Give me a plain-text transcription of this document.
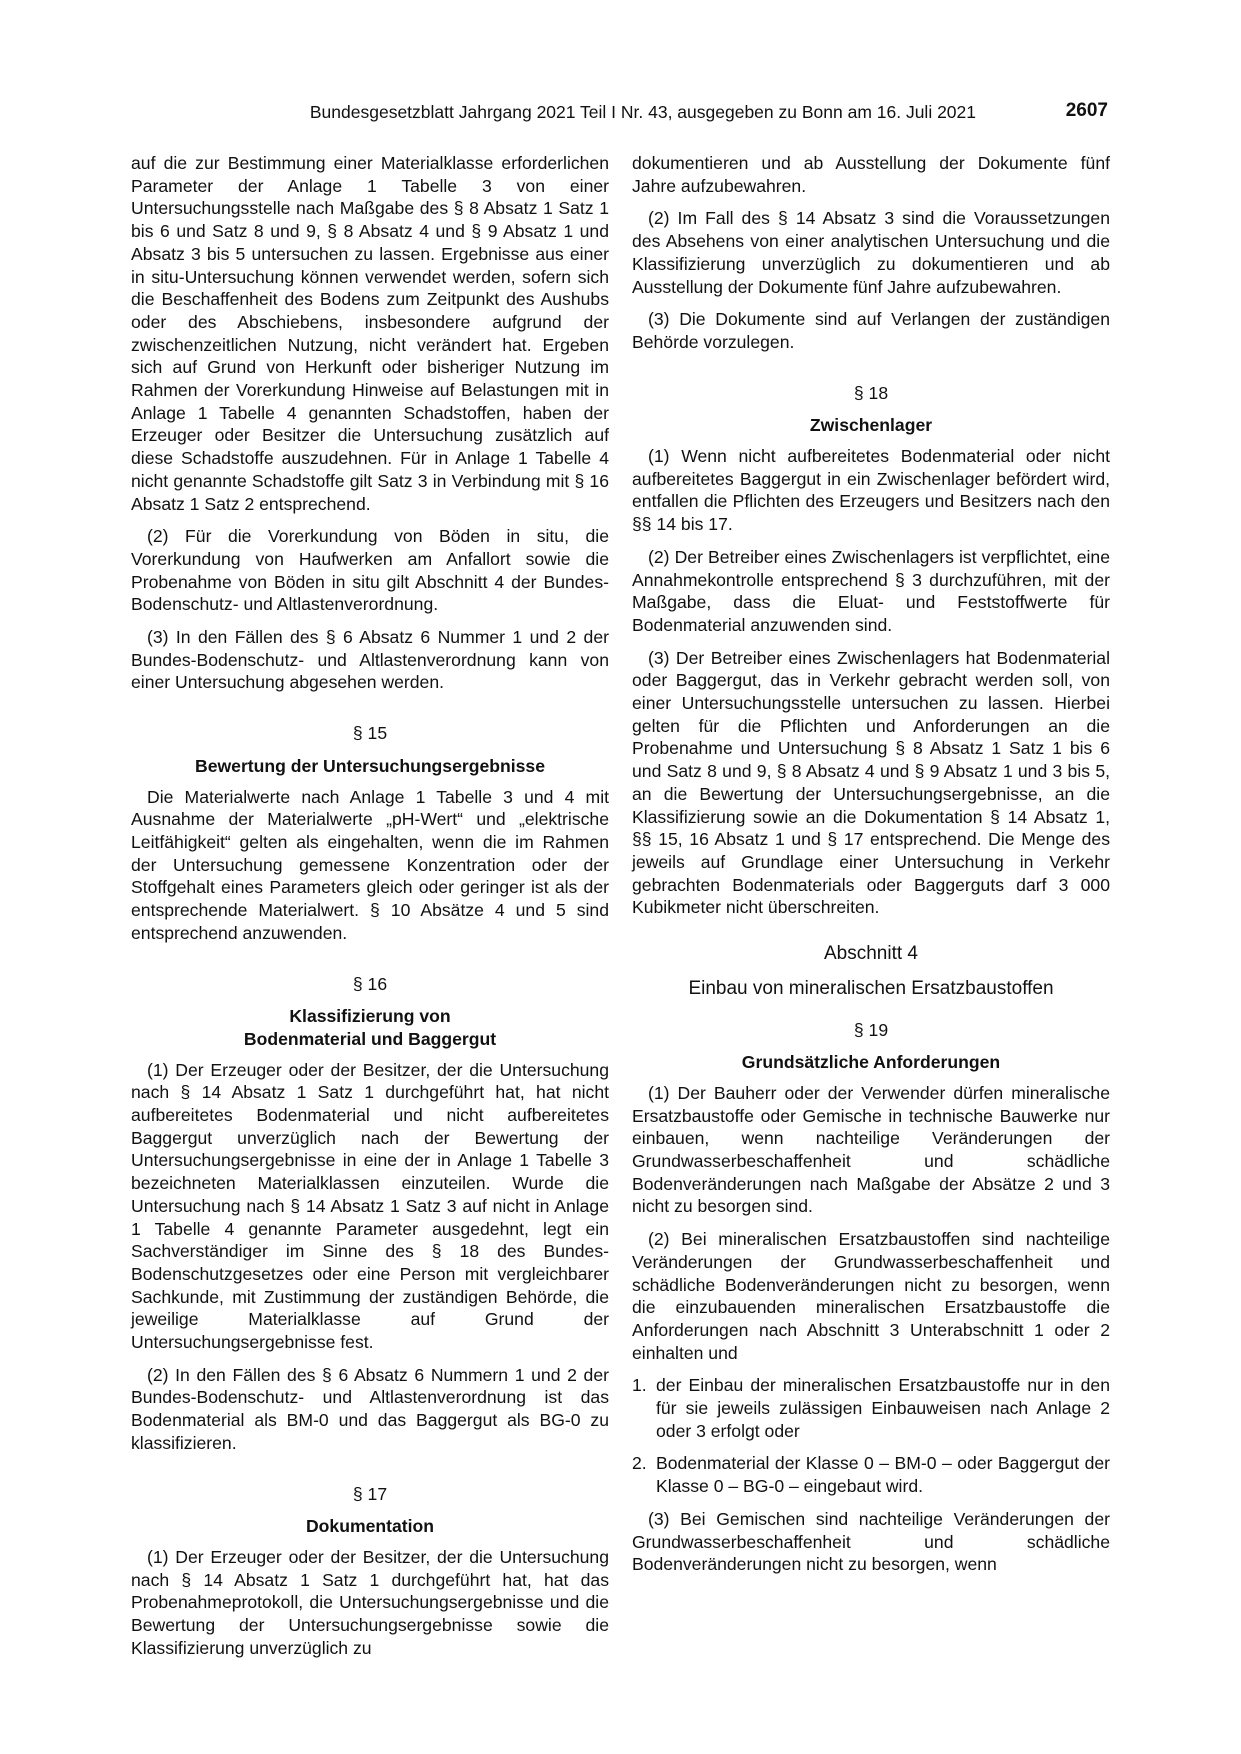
Bundesgesetzblatt Jahrgang 2021 Teil I Nr. 43, ausgegeben zu Bonn am 16. Juli 2021	2607

auf die zur Bestimmung einer Materialklasse erforderlichen Parameter der Anlage 1 Tabelle 3 von einer Untersuchungsstelle nach Maßgabe des § 8 Absatz 1 Satz 1 bis 6 und Satz 8 und 9, § 8 Absatz 4 und § 9 Absatz 1 und Absatz 3 bis 5 untersuchen zu lassen. Ergebnisse aus einer in situ-Untersuchung können verwendet werden, sofern sich die Beschaffenheit des Bodens zum Zeitpunkt des Aushubs oder des Abschiebens, insbesondere aufgrund der zwischenzeitlichen Nutzung, nicht verändert hat. Ergeben sich auf Grund von Herkunft oder bisheriger Nutzung im Rahmen der Vorerkundung Hinweise auf Belastungen mit in Anlage 1 Tabelle 4 genannten Schadstoffen, haben der Erzeuger oder Besitzer die Untersuchung zusätzlich auf diese Schadstoffe auszudehnen. Für in Anlage 1 Tabelle 4 nicht genannte Schadstoffe gilt Satz 3 in Verbindung mit § 16 Absatz 1 Satz 2 entsprechend.

(2) Für die Vorerkundung von Böden in situ, die Vorerkundung von Haufwerken am Anfallort sowie die Probenahme von Böden in situ gilt Abschnitt 4 der Bundes-Bodenschutz- und Altlastenverordnung.

(3) In den Fällen des § 6 Absatz 6 Nummer 1 und 2 der Bundes-Bodenschutz- und Altlastenverordnung kann von einer Untersuchung abgesehen werden.

§ 15
Bewertung der Untersuchungsergebnisse

Die Materialwerte nach Anlage 1 Tabelle 3 und 4 mit Ausnahme der Materialwerte „pH-Wert“ und „elektrische Leitfähigkeit“ gelten als eingehalten, wenn die im Rahmen der Untersuchung gemessene Konzentration oder der Stoffgehalt eines Parameters gleich oder geringer ist als der entsprechende Materialwert. § 10 Absätze 4 und 5 sind entsprechend anzuwenden.

§ 16
Klassifizierung von
Bodenmaterial und Baggergut

(1) Der Erzeuger oder der Besitzer, der die Untersuchung nach § 14 Absatz 1 Satz 1 durchgeführt hat, hat nicht aufbereitetes Bodenmaterial und nicht aufbereitetes Baggergut unverzüglich nach der Bewertung der Untersuchungsergebnisse in eine der in Anlage 1 Tabelle 3 bezeichneten Materialklassen einzuteilen. Wurde die Untersuchung nach § 14 Absatz 1 Satz 3 auf nicht in Anlage 1 Tabelle 4 genannte Parameter ausgedehnt, legt ein Sachverständiger im Sinne des § 18 des Bundes-Bodenschutzgesetzes oder eine Person mit vergleichbarer Sachkunde, mit Zustimmung der zuständigen Behörde, die jeweilige Materialklasse auf Grund der Untersuchungsergebnisse fest.

(2) In den Fällen des § 6 Absatz 6 Nummern 1 und 2 der Bundes-Bodenschutz- und Altlastenverordnung ist das Bodenmaterial als BM-0 und das Baggergut als BG-0 zu klassifizieren.

§ 17
Dokumentation

(1) Der Erzeuger oder der Besitzer, der die Untersuchung nach § 14 Absatz 1 Satz 1 durchgeführt hat, hat das Probenahmeprotokoll, die Untersuchungsergebnisse und die Bewertung der Untersuchungsergebnisse sowie die Klassifizierung unverzüglich zu

dokumentieren und ab Ausstellung der Dokumente fünf Jahre aufzubewahren.

(2) Im Fall des § 14 Absatz 3 sind die Voraussetzungen des Absehens von einer analytischen Untersuchung und die Klassifizierung unverzüglich zu dokumentieren und ab Ausstellung der Dokumente fünf Jahre aufzubewahren.

(3) Die Dokumente sind auf Verlangen der zuständigen Behörde vorzulegen.

§ 18
Zwischenlager

(1) Wenn nicht aufbereitetes Bodenmaterial oder nicht aufbereitetes Baggergut in ein Zwischenlager befördert wird, entfallen die Pflichten des Erzeugers und Besitzers nach den §§ 14 bis 17.

(2) Der Betreiber eines Zwischenlagers ist verpflichtet, eine Annahmekontrolle entsprechend § 3 durchzuführen, mit der Maßgabe, dass die Eluat- und Feststoffwerte für Bodenmaterial anzuwenden sind.

(3) Der Betreiber eines Zwischenlagers hat Bodenmaterial oder Baggergut, das in Verkehr gebracht werden soll, von einer Untersuchungsstelle untersuchen zu lassen. Hierbei gelten für die Pflichten und Anforderungen an die Probenahme und Untersuchung § 8 Absatz 1 Satz 1 bis 6 und Satz 8 und 9, § 8 Absatz 4 und § 9 Absatz 1 und 3 bis 5, an die Bewertung der Untersuchungsergebnisse, an die Klassifizierung sowie an die Dokumentation § 14 Absatz 1, §§ 15, 16 Absatz 1 und § 17 entsprechend. Die Menge des jeweils auf Grundlage einer Untersuchung in Verkehr gebrachten Bodenmaterials oder Baggerguts darf 3 000 Kubikmeter nicht überschreiten.

Abschnitt 4
Einbau von mineralischen Ersatzbaustoffen
§ 19
Grundsätzliche Anforderungen

(1) Der Bauherr oder der Verwender dürfen mineralische Ersatzbaustoffe oder Gemische in technische Bauwerke nur einbauen, wenn nachteilige Veränderungen der Grundwasserbeschaffenheit und schädliche Bodenveränderungen nach Maßgabe der Absätze 2 und 3 nicht zu besorgen sind.

(2) Bei mineralischen Ersatzbaustoffen sind nachteilige Veränderungen der Grundwasserbeschaffenheit und schädliche Bodenveränderungen nicht zu besorgen, wenn die einzubauenden mineralischen Ersatzbaustoffe die Anforderungen nach Abschnitt 3 Unterabschnitt 1 oder 2 einhalten und

1. der Einbau der mineralischen Ersatzbaustoffe nur in den für sie jeweils zulässigen Einbauweisen nach Anlage 2 oder 3 erfolgt oder
2. Bodenmaterial der Klasse 0 – BM-0 – oder Baggergut der Klasse 0 – BG-0 – eingebaut wird.

(3) Bei Gemischen sind nachteilige Veränderungen der Grundwasserbeschaffenheit und schädliche Bodenveränderungen nicht zu besorgen, wenn
